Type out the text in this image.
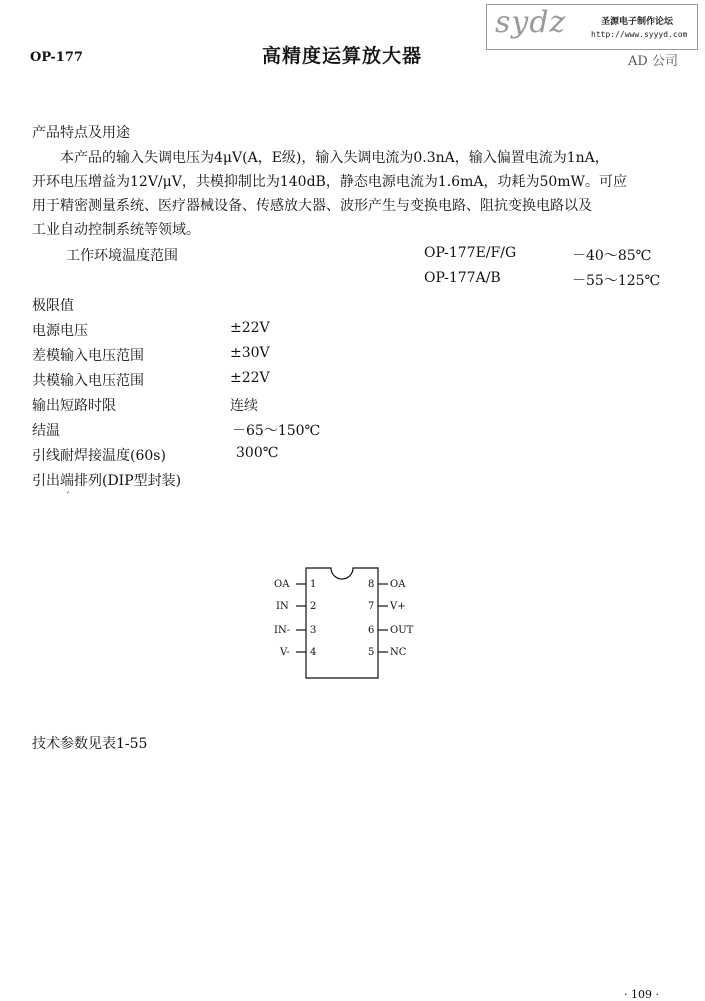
OP-177	高精度运算放大器
sydz	圣源电子制作论坛
http://www.syyyd.com
AD 公司
产品特点及用途

本产品的输入失调电压为4μV(A，E级)，输入失调电流为0.3nA，输入偏置电流为1nA，

开环电压增益为12V/μV，共模抑制比为140dB，静态电源电流为1.6mA，功耗为50mW。可应

用于精密测量系统、医疗器械设备、传感放大器、波形产生与变换电路、阻抗变换电路以及

工业自动控制系统等领域。

工作环境温度范围	OP-177E/F/G	－40～85℃
OP-177A/B	－55～125℃
极限值
电源电压	±22V
差模输入电压范围	±30V
共模输入电压范围	±22V
输出短路时限	连续
结温	－65～150℃
引线耐焊接温度(60s)	300℃
引出端排列(DIP型封装)
ˊ
OA 1
IN 2
IN- 3
V- 4
8 OA
7 V+
6 OUT
5 NC
技术参数见表1-55
· 109 ·
